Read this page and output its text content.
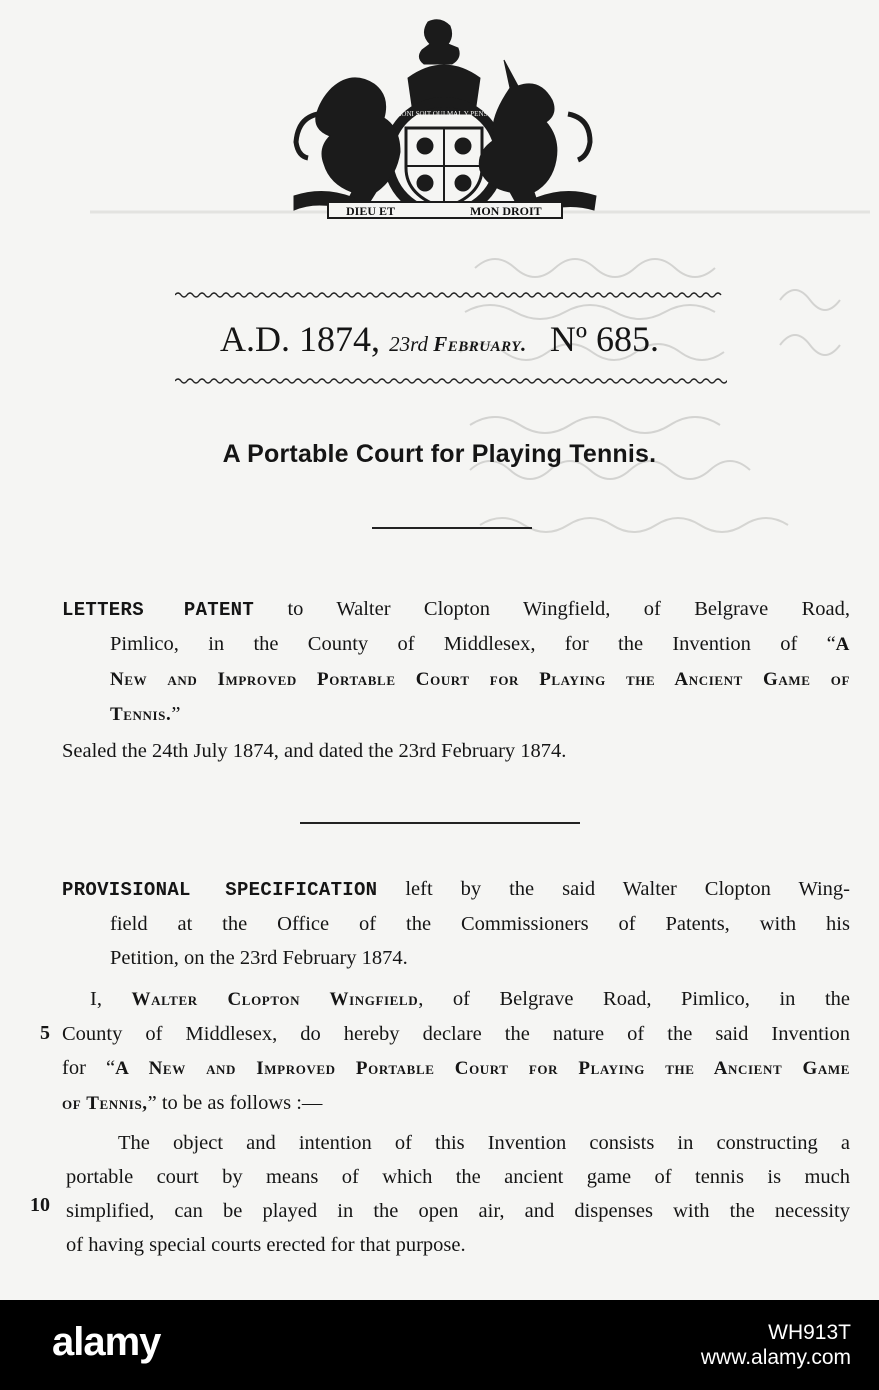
DIEU ET	MON DROIT
HONI SOIT QUI MAL Y PENSE
A.D. 1874, 23rd February. Nº 685.
A Portable Court for Playing Tennis.
LETTERS PATENT to Walter Clopton Wingfield, of Belgrave Road,
Pimlico, in the County of Middlesex, for the Invention of “A
New and Improved Portable Court for Playing the Ancient Game of
Tennis.”
Sealed the 24th July 1874, and dated the 23rd February 1874.
PROVISIONAL SPECIFICATION left by the said Walter Clopton Wing-
field at the Office of the Commissioners of Patents, with his
Petition, on the 23rd February 1874.
I, Walter Clopton Wingfield, of Belgrave Road, Pimlico, in the
County of Middlesex, do hereby declare the nature of the said Invention
for “A New and Improved Portable Court for Playing the Ancient Game
of Tennis,” to be as follows :—
The object and intention of this Invention consists in constructing a
portable court by means of which the ancient game of tennis is much
simplified, can be played in the open air, and dispenses with the necessity
of having special courts erected for that purpose.
5
10
alamy	WH913T
www.alamy.com
